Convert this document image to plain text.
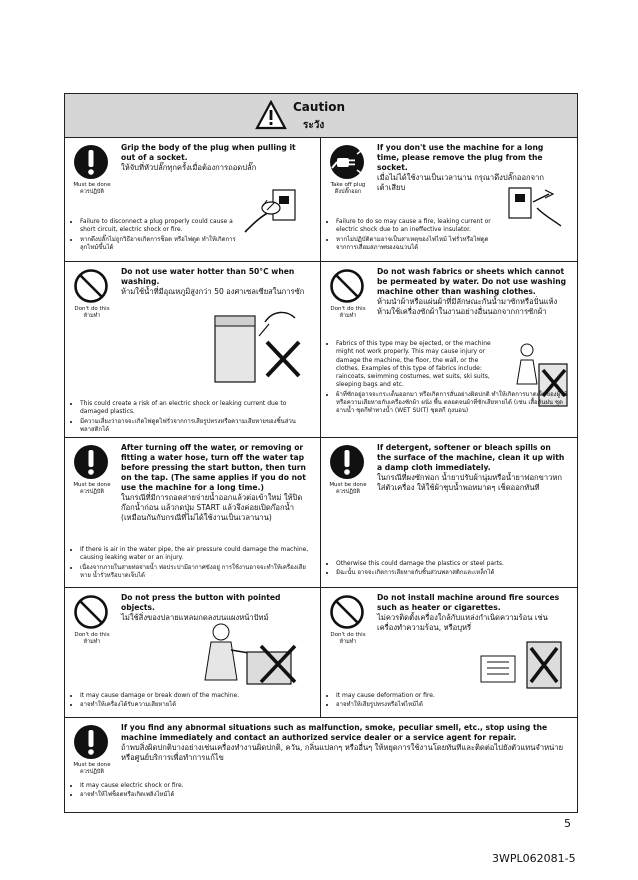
Caution
ระวัง
Must be done
ควรปฏิบัติ
Grip the body of the plug when pulling it out of a socket.
ให้จับที่หัวปลั๊กทุกครั้งเมื่อต้องการถอดปลั๊ก
• Failure to disconnect a plug properly could cause a short circuit, electric shock or fire.
• หากดึงปลั๊กไม่ถูกวิธีอาจเกิดการช็อต หรือไฟดูด ทำให้เกิดการลุกไหม้ขึ้นได้
Take off plug
ดึงปลั๊กออก
If you don't use the machine for a long time, please remove the plug from the socket.
เมื่อไม่ได้ใช้งานเป็นเวลานาน กรุณาดึงปลั๊กออกจากเต้าเสียบ
• Failure to do so may cause a fire, leaking current or electric shock due to an ineffective insulator.
• หากไม่ปฏิบัติตามอาจเป็นสาเหตุของไฟไหม้ ไฟรั่วหรือไฟดูดจากการเสื่อมสภาพของฉนวนได้
Don't do this
ห้ามทำ
Do not use water hotter than 50°C when washing.
ห้ามใช้น้ำที่มีอุณหภูมิสูงกว่า 50 องศาเซลเซียสในการซัก
• This could create a risk of an electric shock or leaking current due to damaged plastics.
• มีความเสี่ยงว่าอาจจะเกิดไฟดูดไฟรั่วจากการเสียรูปทรงหรือความเสียหายของชิ้นส่วนพลาสติกได้
Don't do this
ห้ามทำ
Do not wash fabrics or sheets which cannot be permeated by water. Do not use washing machine other than washing clothes.
ห้ามนำผ้าหรือแผ่นผ้าที่มีลักษณะกันน้ำมาซักหรือปั่นแห้ง ห้ามใช้เครื่องซักผ้าในงานอย่างอื่นนอกจากการซักผ้า
• Fabrics of this type may be ejected, or the machine might not work properly. This may cause injury or damage the machine, the floor, the wall, or the clothes. Examples of this type of fabrics include: raincoats, swimming costumes, wet suits, ski suits, sleeping bags and etc.
• ผ้าที่ซักอยู่อาจจะกระเด็นออกมา หรือเกิดการสั่นอย่างผิดปกติ ทำให้เกิดการบาดเจ็บของผู้ใช้ หรือความเสียหายกับเครื่องซักผ้า ผนัง พื้น ตลอดจนผ้าที่ซักเสียหายได้ (เช่น เสื้อกันฝน ชุดอาบน้ำ ชุดกีฬาทางน้ำ (WET SUIT) ชุดสกี ถุงนอน)
Must be done
ควรปฏิบัติ
After turning off the water, or removing or fitting a water hose, turn off the water tap before pressing the start button, then turn on the tap. (The same applies if you do not use the machine for a long time.)
ในกรณีที่มีการถอดสายจ่ายน้ำออกแล้วต่อเข้าใหม่ ให้ปิดก๊อกน้ำก่อน แล้วกดปุ่ม START แล้วจึงค่อยเปิดก๊อกน้ำ (เหมือนกันกับกรณีที่ไม่ได้ใช้งานเป็นเวลานาน)
• If there is air in the water pipe, the air pressure could damage the machine, causing leaking water or an injury.
• เนื่องจากภายในสายท่อจ่ายน้ำ ท่อประปามีอากาศขังอยู่ การใช้งานอาจจะทำให้เครื่องเสียหาย น้ำรั่วหรือบาดเจ็บได้
Must be done
ควรปฏิบัติ
If detergent, softener or bleach spills on the surface of the machine, clean it up with a damp cloth immediately.
ในกรณีที่ผงซักฟอก น้ำยาปรับผ้านุ่มหรือน้ำยาฟอกขาวหกใส่ตัวเครื่อง ให้ใช้ผ้าชุบน้ำพอหมาดๆ เช็ดออกทันที
• Otherwise this could damage the plastics or steel parts.
• มิฉะนั้น อาจจะเกิดการเสียหายกับชิ้นส่วนพลาสติกและเหล็กได้
Don't do this
ห้ามทำ
Do not press the button with pointed objects.
ไม่ใช้สิ่งของปลายแหลมกดลงบนแผงหน้าปัทม์
• It may cause damage or break down of the machine.
• อาจทำให้เครื่องได้รับความเสียหายได้
Don't do this
ห้ามทำ
Do not install machine around fire sources such as heater or cigarettes.
ไม่ควรติดตั้งเครื่องใกล้กับแหล่งกำเนิดความร้อน เช่น เครื่องทำความร้อน, หรือบุหรี่
• It may cause deformation or fire.
• อาจทำให้เสียรูปทรงหรือไฟไหม้ได้
Must be done
ควรปฏิบัติ
If you find any abnormal situations such as malfunction, smoke, peculiar smell, etc., stop using the machine immediately and contact an authorized service dealer or a service agent for repair.
ถ้าพบสิ่งผิดปกติบางอย่างเช่นเครื่องทำงานผิดปกติ, ควัน, กลิ่นแปลกๆ หรืออื่นๆ ให้หยุดการใช้งานโดยทันทีและติดต่อไปยังตัวแทนจำหน่ายหรือศูนย์บริการเพื่อทำการแก้ไข
• It may cause electric shock or fire.
• อาจทำให้ไฟช็อตหรือเกิดเพลิงไหม้ได้
5
3WPL062081-5
